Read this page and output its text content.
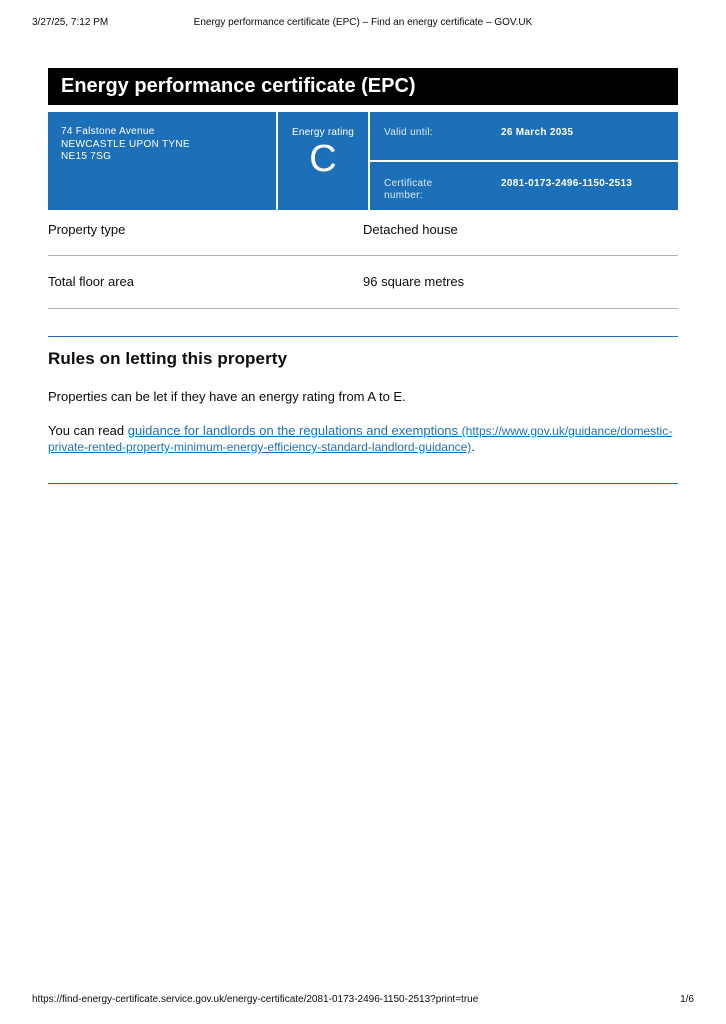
3/27/25, 7:12 PM	Energy performance certificate (EPC) – Find an energy certificate – GOV.UK
Energy performance certificate (EPC)
74 Falstone Avenue
NEWCASTLE UPON TYNE
NE15 7SG
Energy rating
C
Valid until:	26 March 2035
Certificate number:
2081-0173-2496-1150-2513
Property type	Detached house
Total floor area	96 square metres
Rules on letting this property

Properties can be let if they have an energy rating from A to E.

You can read guidance for landlords on the regulations and exemptions (https://www.gov.uk/guidance/domestic-private-rented-property-minimum-energy-efficiency-standard-landlord-guidance).

https://find-energy-certificate.service.gov.uk/energy-certificate/2081-0173-2496-1150-2513?print=true	1/6
